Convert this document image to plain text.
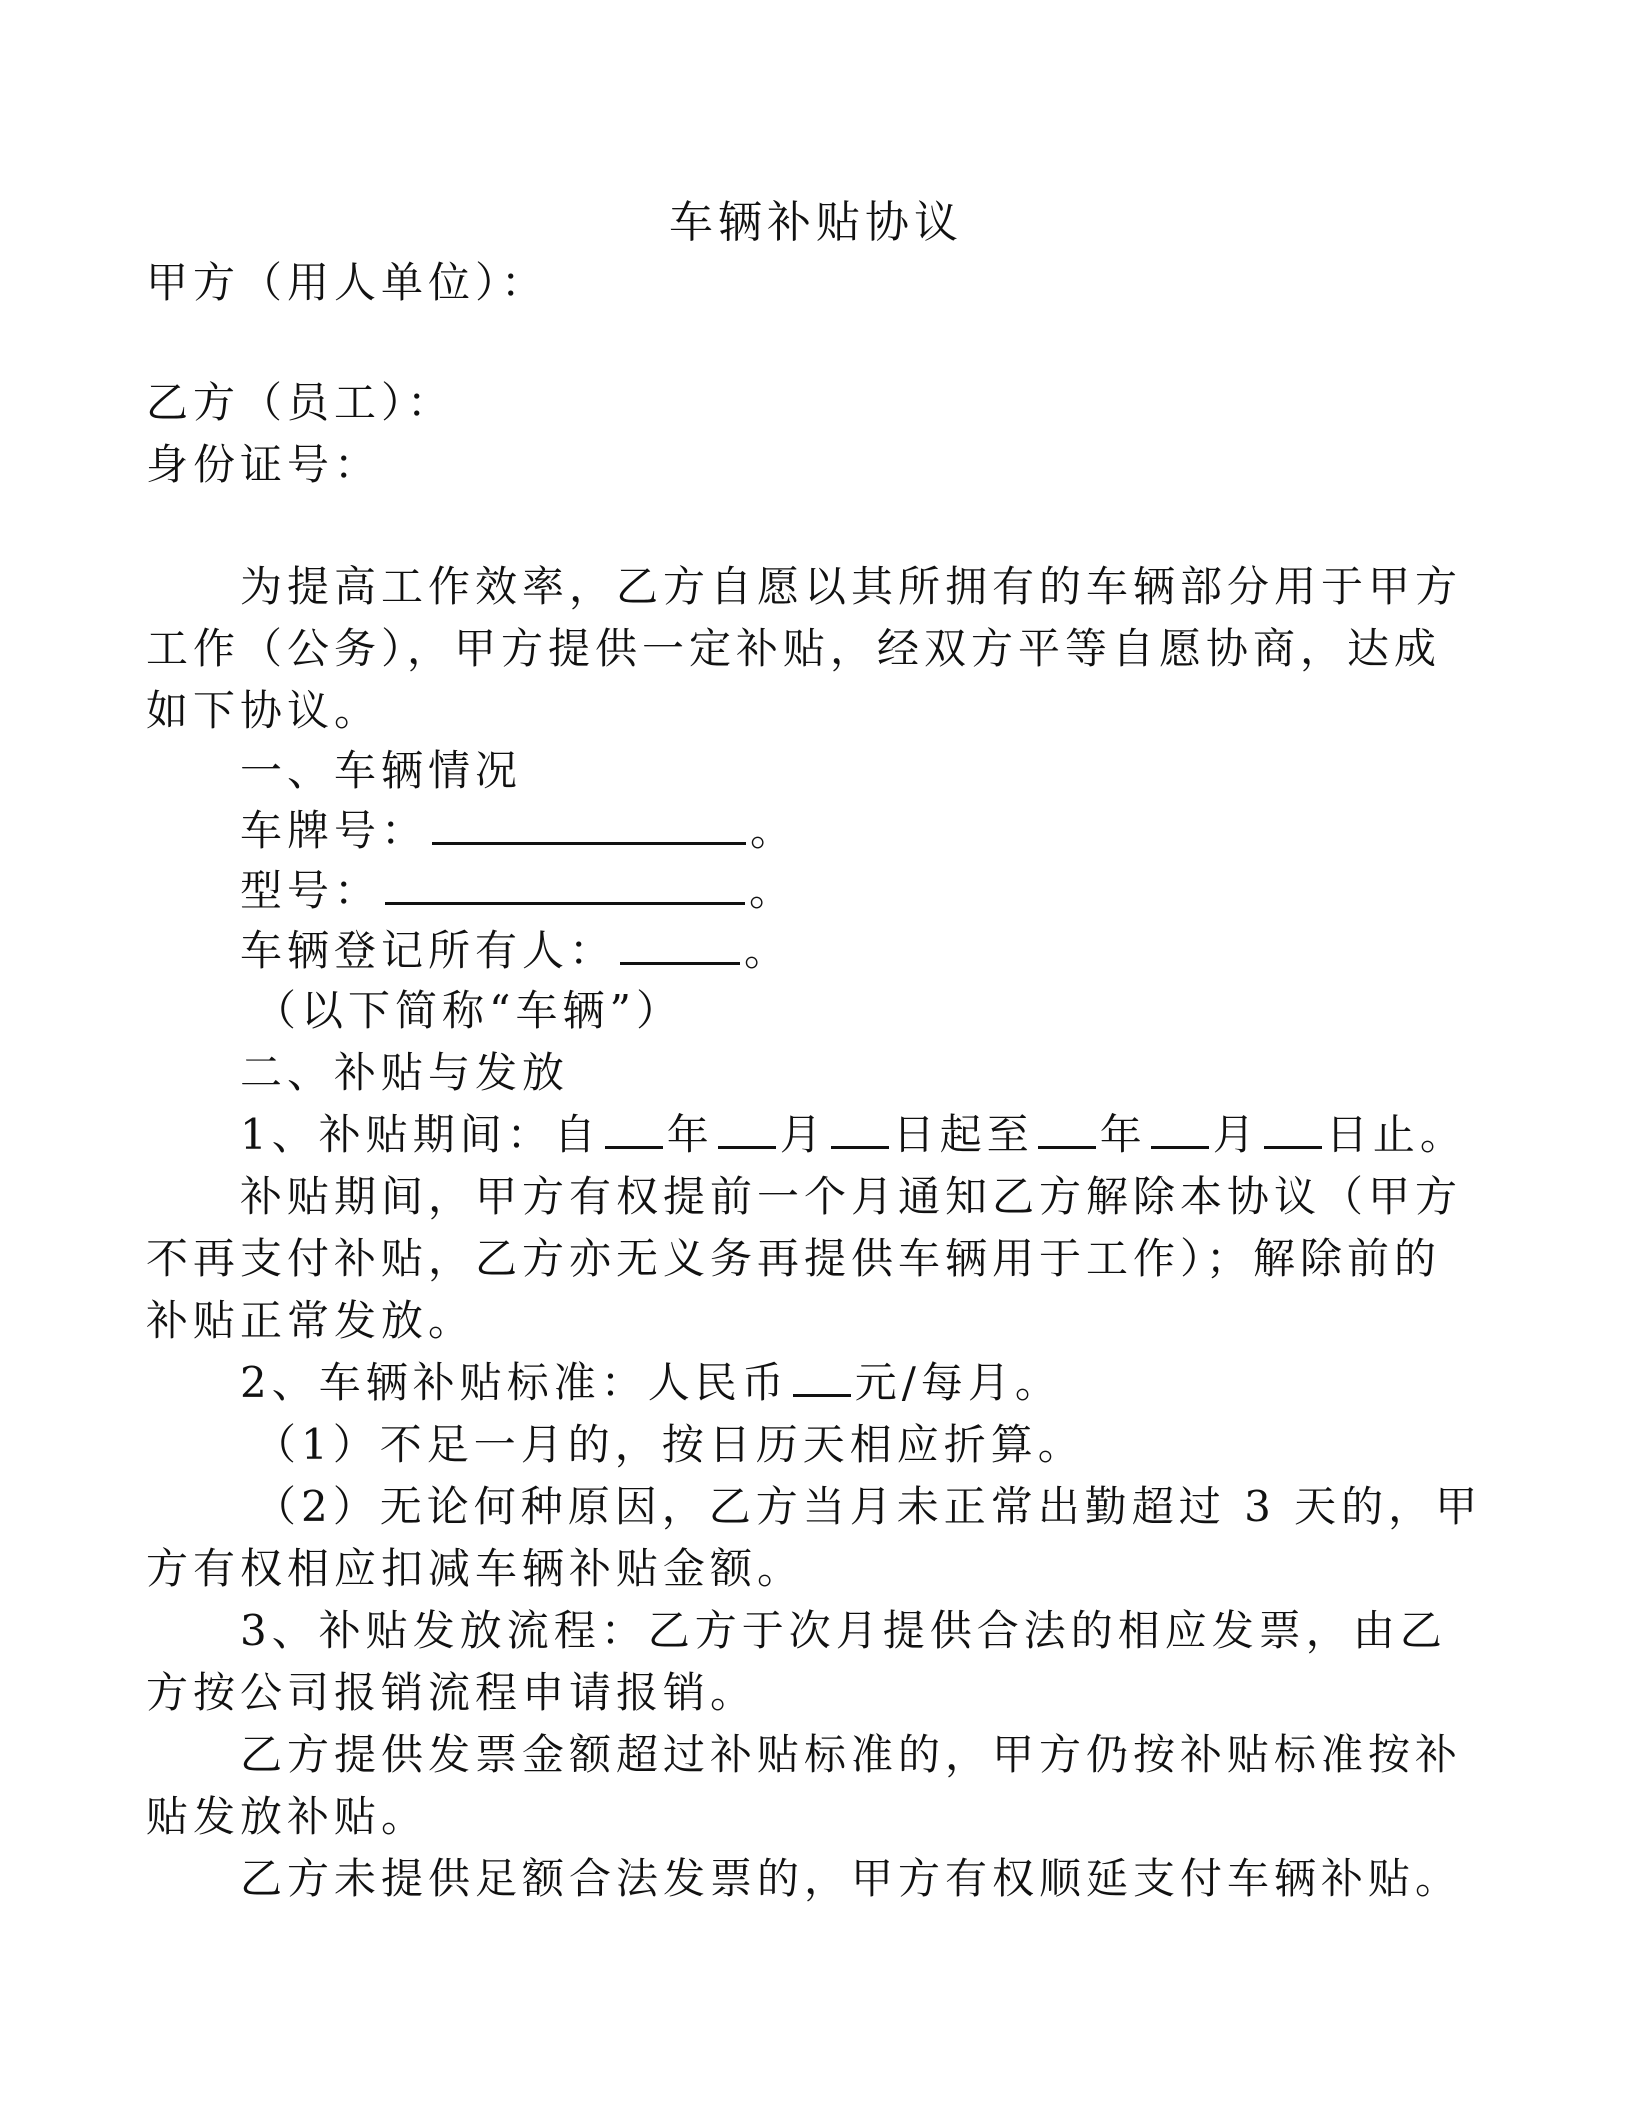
车辆补贴协议
甲方（用人单位）：
乙方（员工）：
身份证号：
为提高工作效率，乙方自愿以其所拥有的车辆部分用于甲方
工作（公务），甲方提供一定补贴，经双方平等自愿协商，达成
如下协议。
一、车辆情况
车牌号：	。
型号：	。
车辆登记所有人：	。
（以下简称“车辆”）
二、补贴与发放
1、补贴期间：自 年 月 日起至 年 月 日止。
补贴期间，甲方有权提前一个月通知乙方解除本协议（甲方
不再支付补贴，乙方亦无义务再提供车辆用于工作）；解除前的
补贴正常发放。
2、车辆补贴标准：人民币 元/每月。
（1）不足一月的，按日历天相应折算。
（2）无论何种原因，乙方当月未正常出勤超过 3 天的，甲
方有权相应扣减车辆补贴金额。
3、补贴发放流程：乙方于次月提供合法的相应发票，由乙
方按公司报销流程申请报销。
乙方提供发票金额超过补贴标准的，甲方仍按补贴标准按补
贴发放补贴。
乙方未提供足额合法发票的，甲方有权顺延支付车辆补贴。
